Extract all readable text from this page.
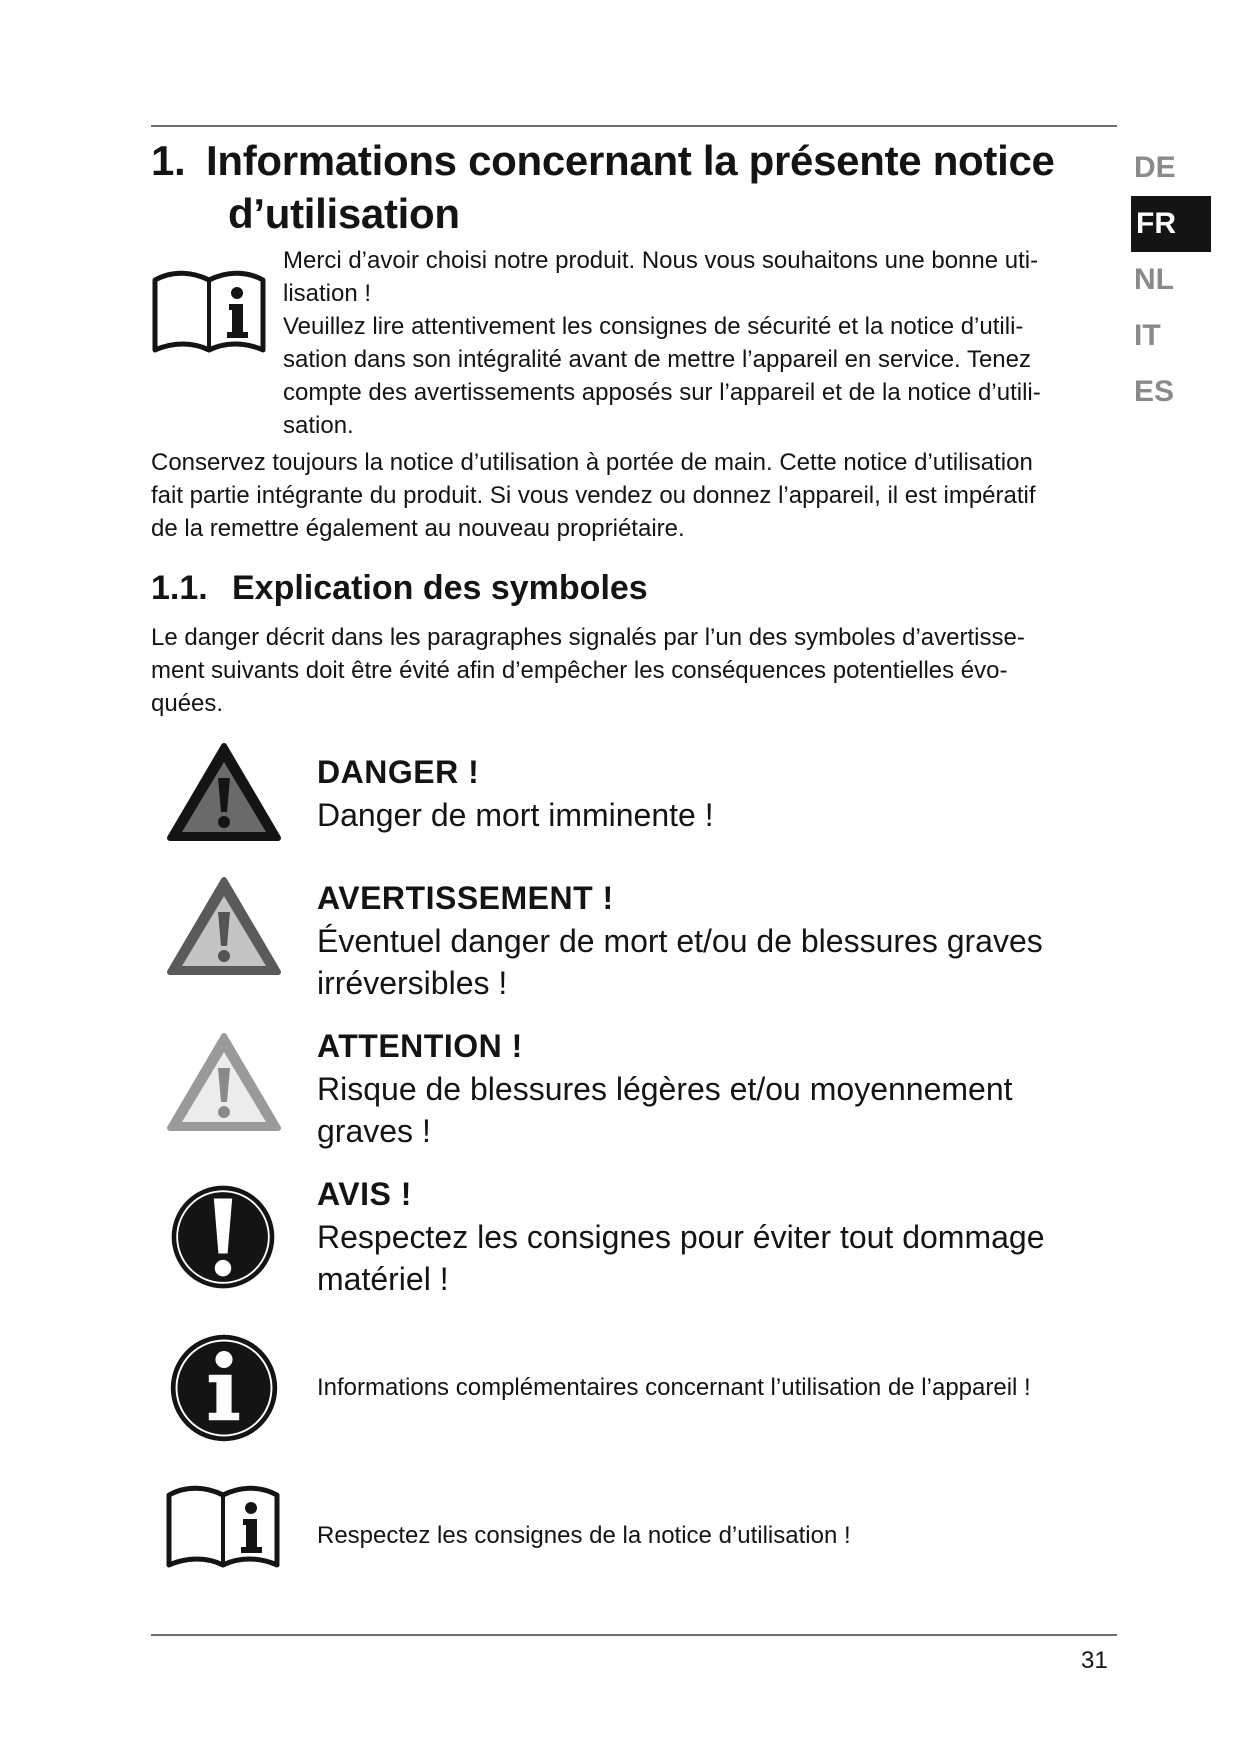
1. Informations concernant la présente notice
d’utilisation

Merci d’avoir choisi notre produit. Nous vous souhaitons une bonne uti-

lisation !

Veuillez lire attentivement les consignes de sécurité et la notice d’utili-

sation dans son intégralité avant de mettre l’appareil en service. Tenez

compte des avertissements apposés sur l’appareil et de la notice d’utili-

sation.

Conservez toujours la notice d’utilisation à portée de main. Cette notice d’utilisation
fait partie intégrante du produit. Si vous vendez ou donnez l’appareil, il est impératif
de la remettre également au nouveau propriétaire.
1.1. Explication des symboles
Le danger décrit dans les paragraphes signalés par l’un des symboles d’avertisse-
ment suivants doit être évité afin d’empêcher les conséquences potentielles évo-
quées.
DANGER !
Danger de mort imminente !
AVERTISSEMENT !
Éventuel danger de mort et/ou de blessures graves
irréversibles !
ATTENTION !
Risque de blessures légères et/ou moyennement
graves !
AVIS !
Respectez les consignes pour éviter tout dommage
matériel !
Informations complémentaires concernant l’utilisation de l’appareil !
Respectez les consignes de la notice d’utilisation !
DE
FR
NL
IT
ES
31
